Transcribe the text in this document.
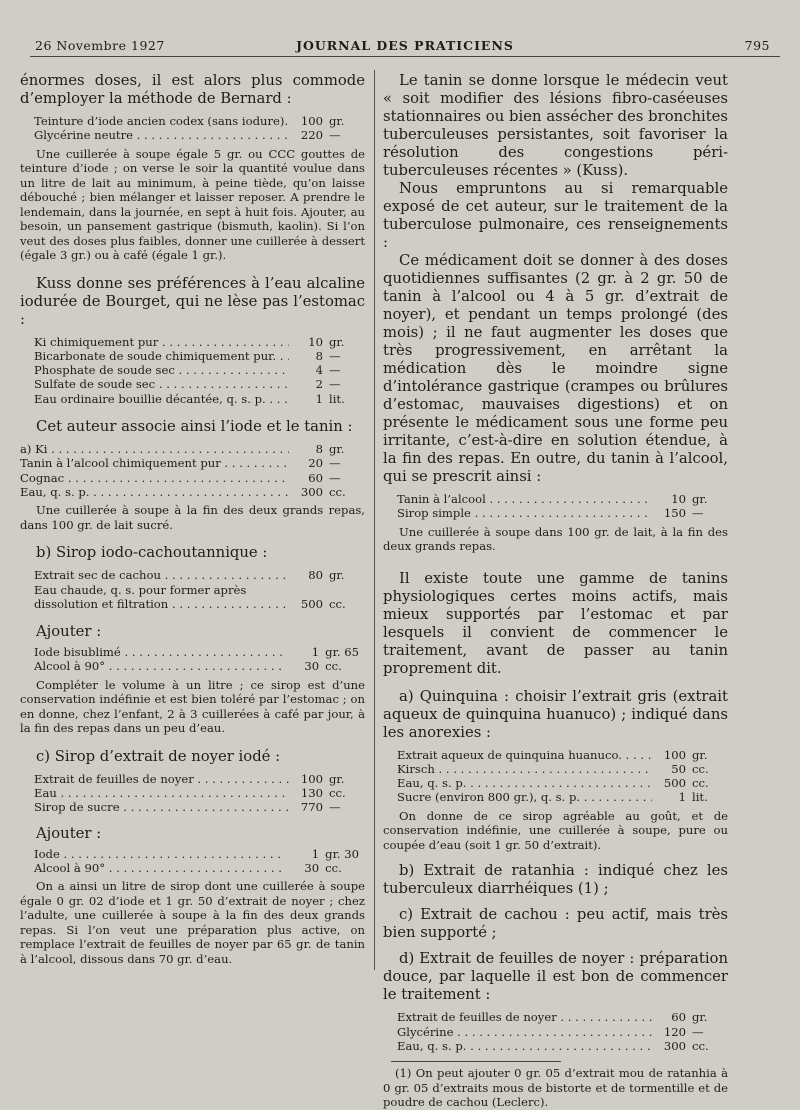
26 Novembre 1927	JOURNAL DES PRATICIENS	795

énormes doses, il est alors plus commode d’employer la méthode de Bernard :

Teinture d’iode ancien codex (sans iodure). . . .	100	gr.
Glycérine neutre . . .	220	—

Une cuillerée à soupe égale 5 gr. ou CCC gouttes de teinture d’iode ; on verse le soir la quantité voulue dans un litre de lait au minimum, à peine tiède, qu’on laisse débouché ; bien mélanger et laisser reposer. A prendre le lendemain, dans la journée, en sept à huit fois. Ajouter, au besoin, un pansement gastrique (bismuth, kaolin). Si l’on veut des doses plus faibles, donner une cuillerée à dessert (égale 3 gr.) ou à café (égale 1 gr.).

Kuss donne ses préférences à l’eau alcaline iodurée de Bourget, qui ne lèse pas l’estomac :

Ki chimiquement pur . . .	10	gr.
Bicarbonate de soude chimiquement pur. . . .	8	—
Phosphate de soude sec . . .	4	—
Sulfate de soude sec . . .	2	—
Eau ordinaire bouillie décantée, q. s. p. . . .	1	lit.

Cet auteur associe ainsi l’iode et le tanin :

a) Ki . . .	8	gr.
Tanin à l’alcool chimiquement pur . . .	20	—
Cognac . . .	60	—
Eau, q. s. p. . . .	300	cc.

Une cuillerée à soupe à la fin des deux grands repas, dans 100 gr. de lait sucré.

b) Sirop iodo-cachoutannique :

Extrait sec de cachou . . .	80	gr.
Eau chaude, q. s. pour former après		
dissolution et filtration . . .	500	cc.

Ajouter :

Iode bisublimé . . .	1	gr. 65
Alcool à 90° . . .	30	cc.

Compléter le volume à un litre ; ce sirop est d’une conservation indéfinie et est bien toléré par l’estomac ; on en donne, chez l’enfant, 2 à 3 cuillerées à café par jour, à la fin des repas dans un peu d’eau.

c) Sirop d’extrait de noyer iodé :

Extrait de feuilles de noyer . . .	100	gr.
Eau . . .	130	cc.
Sirop de sucre . . .	770	—

Ajouter :

Iode . . .	1	gr. 30
Alcool à 90° . . .	30	cc.

On a ainsi un litre de sirop dont une cuillerée à soupe égale 0 gr. 02 d’iode et 1 gr. 50 d’extrait de noyer ; chez l’adulte, une cuillerée à soupe à la fin des deux grands repas. Si l’on veut une préparation plus active, on remplace l’extrait de feuilles de noyer par 65 gr. de tanin à l’alcool, dissous dans 70 gr. d’eau.

Le tanin se donne lorsque le médecin veut « soit modifier des lésions fibro-caséeuses stationnaires ou bien assécher des bronchites tuberculeuses persistantes, soit favoriser la résolution des congestions péri-tuberculeuses récentes » (Kuss).

Nous empruntons au si remarquable exposé de cet auteur, sur le traitement de la tuberculose pulmonaire, ces renseignements :

Ce médicament doit se donner à des doses quotidiennes suffisantes (2 gr. à 2 gr. 50 de tanin à l’alcool ou 4 à 5 gr. d’extrait de noyer), et pendant un temps prolongé (des mois) ; il ne faut augmenter les doses que très progressivement, en arrêtant la médication dès le moindre signe d’intolérance gastrique (crampes ou brûlures d’estomac, mauvaises digestions) et on présente le médicament sous une forme peu irritante, c’est-à-dire en solution étendue, à la fin des repas. En outre, du tanin à l’alcool, qui se prescrit ainsi :

Tanin à l’alcool . . .	10	gr.
Sirop simple . . .	150	—

Une cuillerée à soupe dans 100 gr. de lait, à la fin des deux grands repas.

Il existe toute une gamme de tanins physiologiques certes moins actifs, mais mieux supportés par l’estomac et par lesquels il convient de commencer le traitement, avant de passer au tanin proprement dit.

a) Quinquina : choisir l’extrait gris (extrait aqueux de quinquina huanuco) ; indiqué dans les anorexies :

Extrait aqueux de quinquina huanuco. . . .	100	gr.
Kirsch . . .	50	cc.
Eau, q. s. p. . . .	500	cc.
Sucre (environ 800 gr.), q. s. p. . . .	1	lit.

On donne de ce sirop agréable au goût, et de conservation indéfinie, une cuillerée à soupe, pure ou coupée d’eau (soit 1 gr. 50 d’extrait).

b) Extrait de ratanhia : indiqué chez les tuberculeux diarrhéiques (1) ;

c) Extrait de cachou : peu actif, mais très bien supporté ;

d) Extrait de feuilles de noyer : préparation douce, par laquelle il est bon de commencer le traitement :

Extrait de feuilles de noyer . . .	60	gr.
Glycérine . . .	120	—
Eau, q. s. p. . . .	300	cc.

(1) On peut ajouter 0 gr. 05 d’extrait mou de ratanhia à 0 gr. 05 d’extraits mous de bistorte et de tormentille et de poudre de cachou (Leclerc).
